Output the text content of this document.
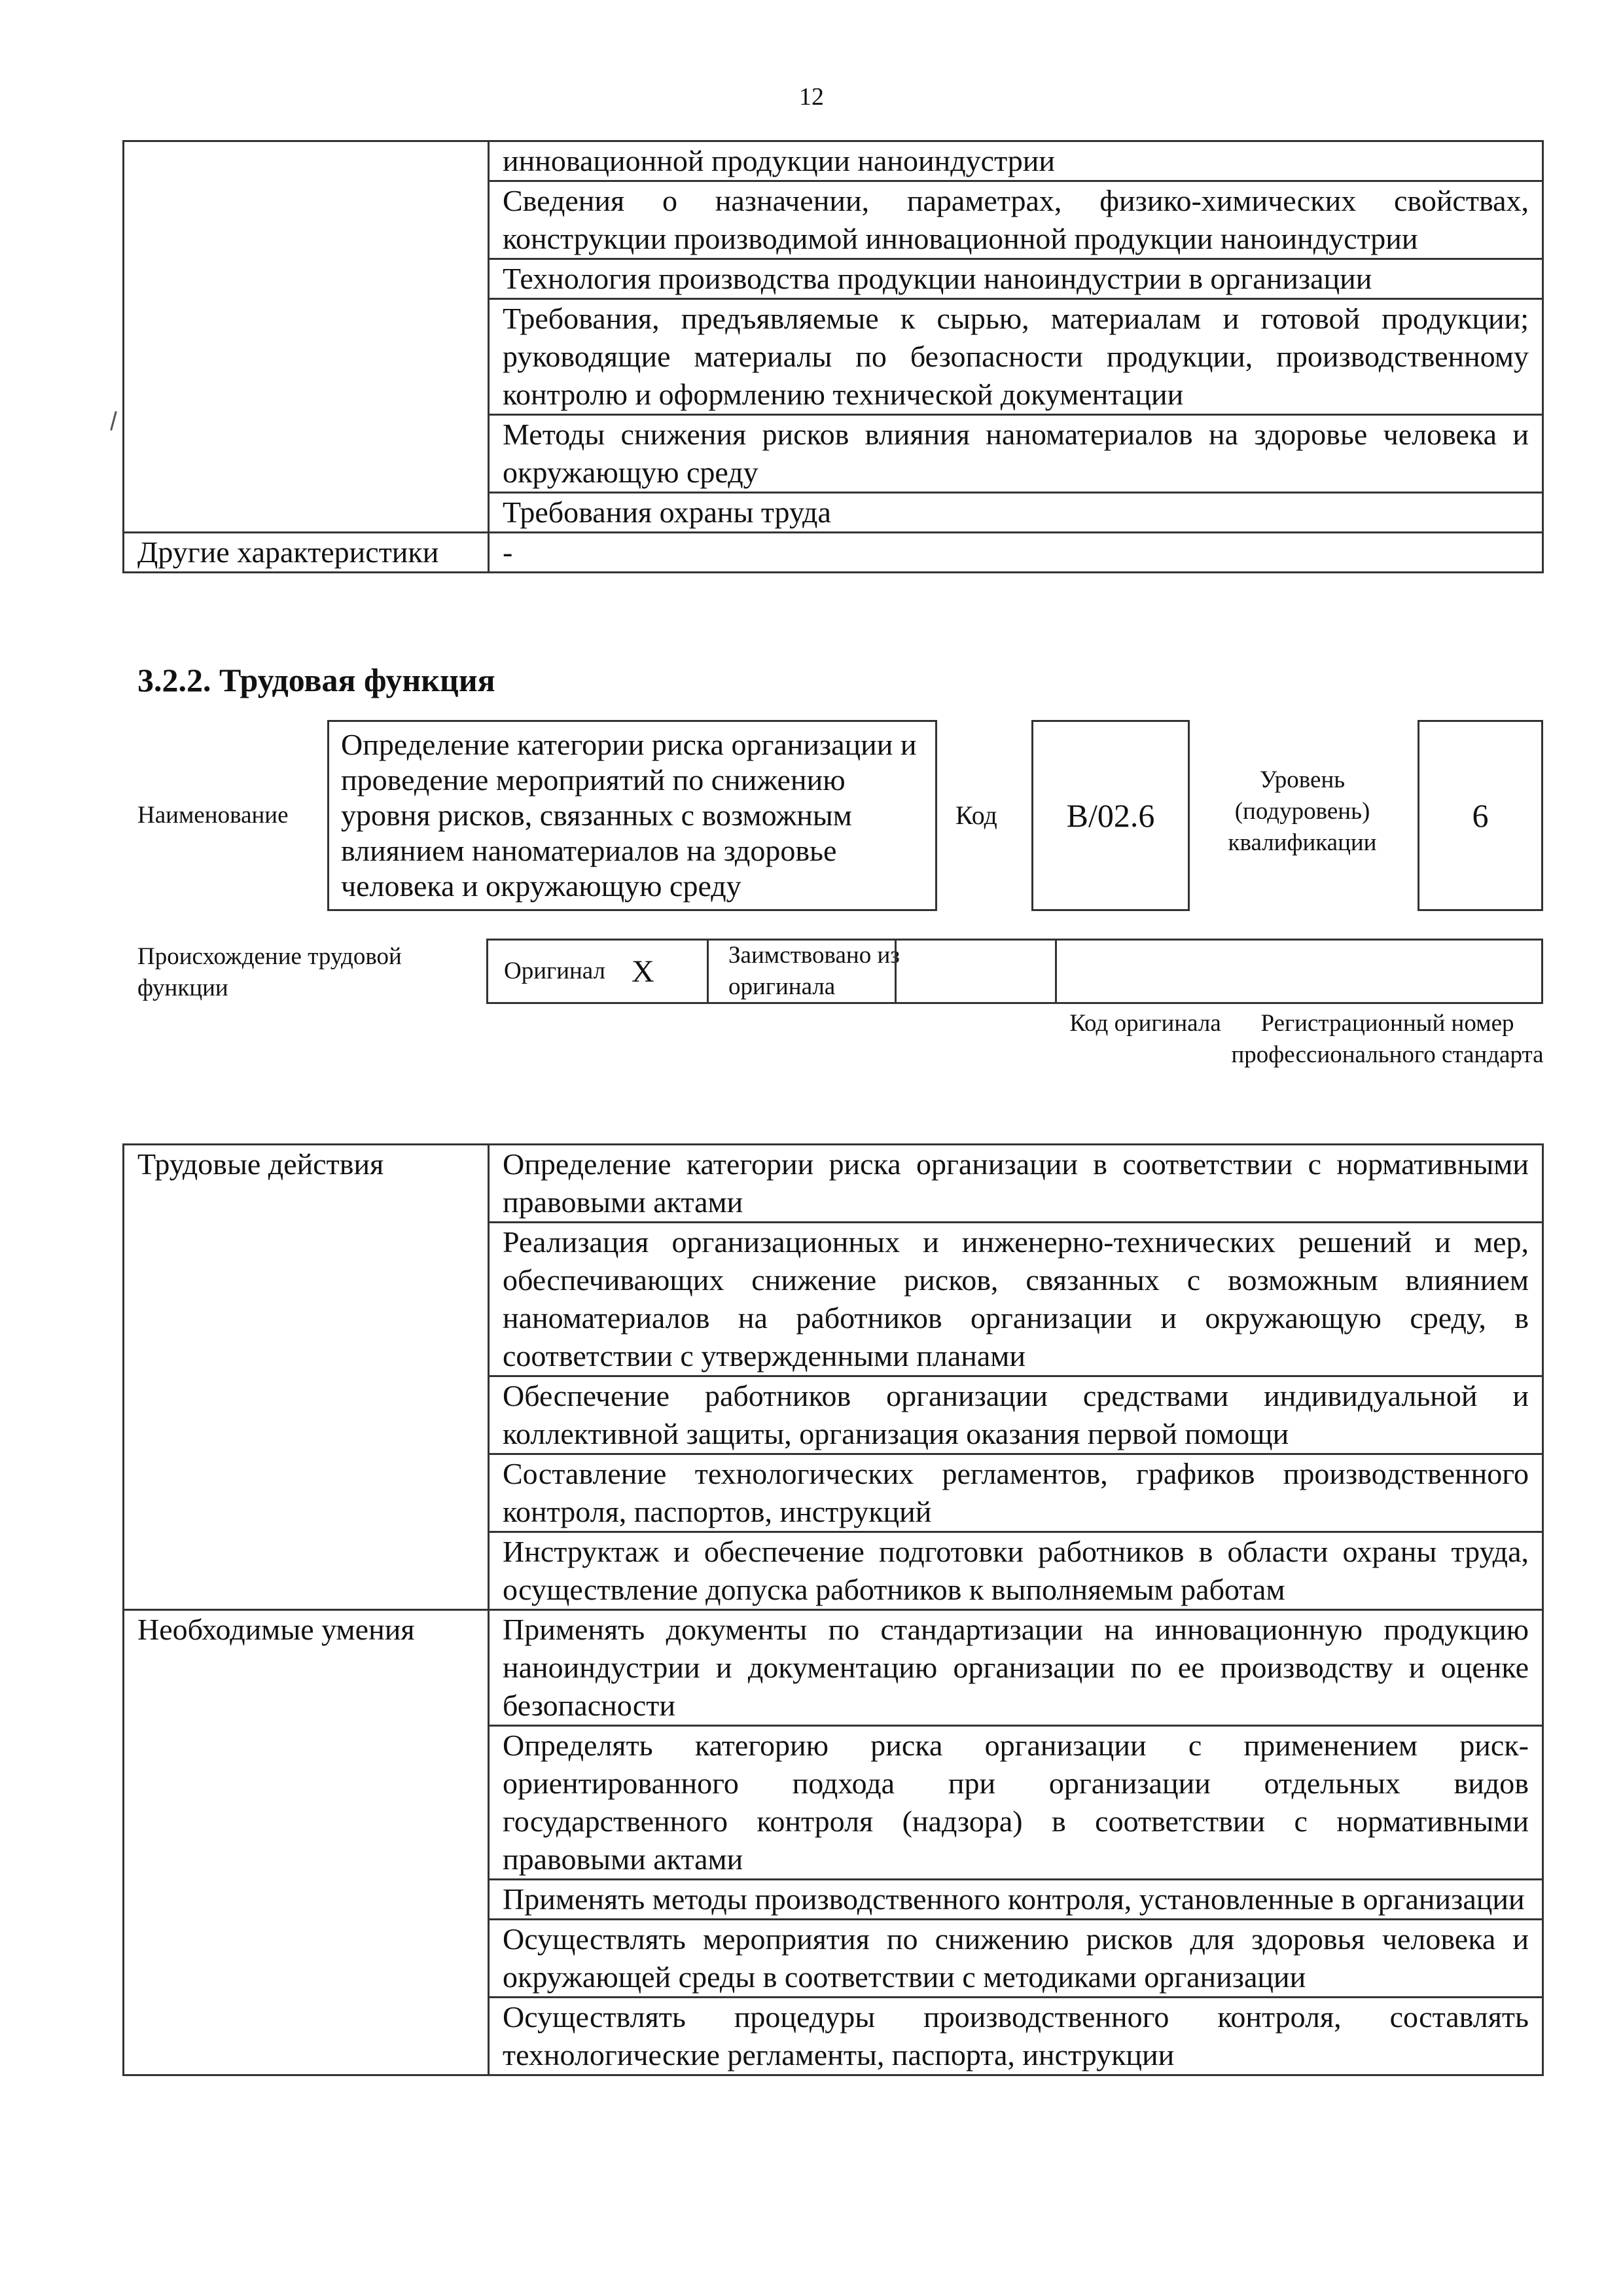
12
	инновационной продукции наноиндустрии
	Сведения о назначении, параметрах, физико-химических свойствах, конструкции производимой инновационной продукции наноиндустрии
	Технология производства продукции наноиндустрии в организации
	Требования, предъявляемые к сырью, материалам и готовой продукции; руководящие материалы по безопасности продукции, производственному контролю и оформлению технической документации
	Методы снижения рисков влияния наноматериалов на здоровье человека и окружающую среду
	Требования охраны труда
Другие характеристики	-
3.2.2. Трудовая функция
Наименование
Определение категории риска организации и проведение мероприятий по снижению уровня рисков, связанных с возможным влиянием наноматериалов на здоровье человека и окружающую среду
Код B/02.6
Уровень (подуровень) квалификации
6
Происхождение трудовой функции
Оригинал X	Заимствовано из оригинала
Код оригинала	Регистрационный номер профессионального стандарта
Трудовые действия	Определение категории риска организации в соответствии с нормативными правовыми актами
	Реализация организационных и инженерно-технических решений и мер, обеспечивающих снижение рисков, связанных с возможным влиянием наноматериалов на работников организации и окружающую среду, в соответствии с утвержденными планами
	Обеспечение работников организации средствами индивидуальной и коллективной защиты, организация оказания первой помощи
	Составление технологических регламентов, графиков производственного контроля, паспортов, инструкций
	Инструктаж и обеспечение подготовки работников в области охраны труда, осуществление допуска работников к выполняемым работам
Необходимые умения	Применять документы по стандартизации на инновационную продукцию наноиндустрии и документацию организации по ее производству и оценке безопасности
	Определять категорию риска организации с применением риск-ориентированного подхода при организации отдельных видов государственного контроля (надзора) в соответствии с нормативными правовыми актами
	Применять методы производственного контроля, установленные в организации
	Осуществлять мероприятия по снижению рисков для здоровья человека и окружающей среды в соответствии с методиками организации
	Осуществлять процедуры производственного контроля, составлять технологические регламенты, паспорта, инструкции
